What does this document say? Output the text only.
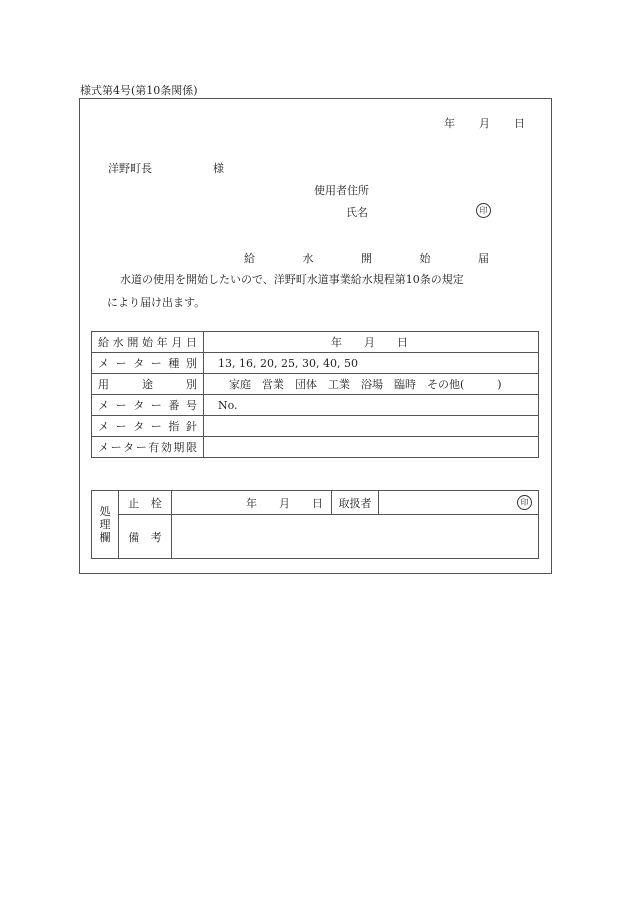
様式第4号(第10条関係)
年 月 日
洋野町長	様
使用者住所
氏名	印
給 水 開 始 届
水道の使用を開始したいので、洋野町水道事業給水規程第10条の規定
により届け出ます。
給水開始年月日	年　　月　　日

メーター種別	13, 16, 20, 25, 30, 40, 50

用途別	家庭　営業　団体　工業　浴場　臨時　その他(　　　)

メーター番号	No.

メーター指針	

メーター有効期限	

処理欄	止 栓	年　　月　　日	取扱者	印
	備 考			
